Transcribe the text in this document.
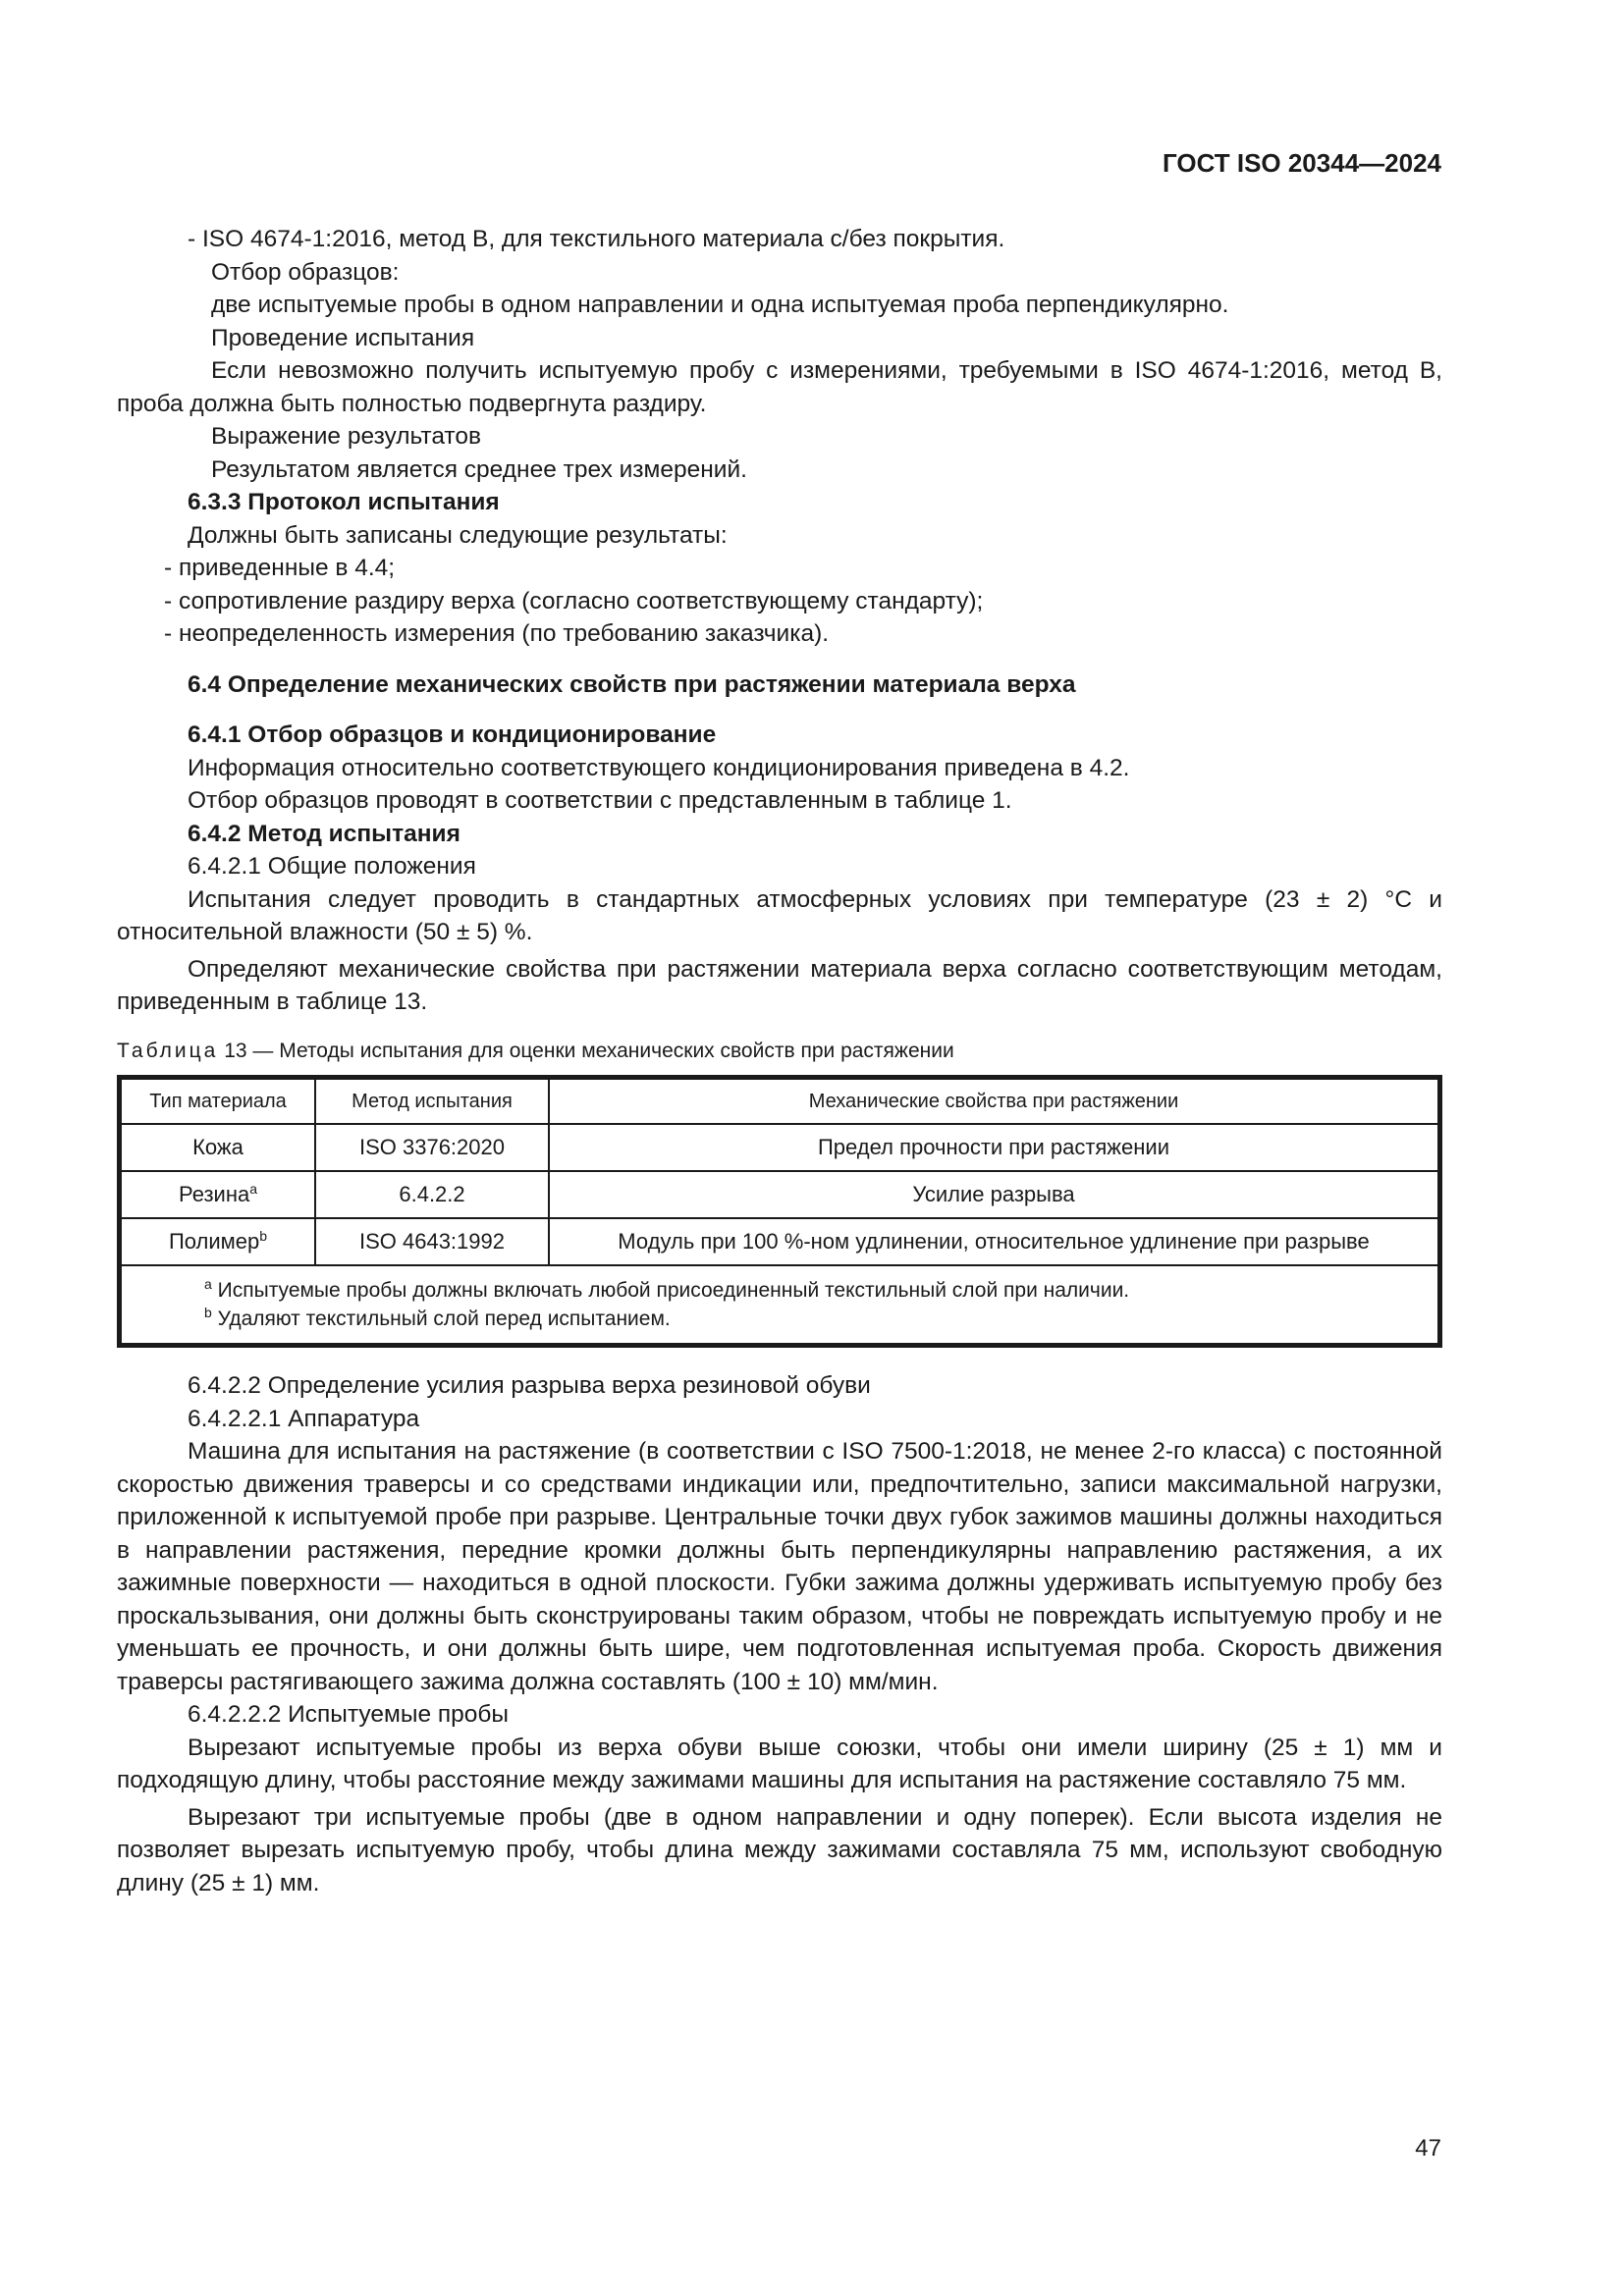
ГОСТ ISO 20344—2024

- ISO 4674-1:2016, метод B, для текстильного материала с/без покрытия.

Отбор образцов:

две испытуемые пробы в одном направлении и одна испытуемая проба перпендикулярно.

Проведение испытания

Если невозможно получить испытуемую пробу с измерениями, требуемыми в ISO 4674-1:2016, метод B, проба должна быть полностью подвергнута раздиру.

Выражение результатов

Результатом является среднее трех измерений.

6.3.3 Протокол испытания

Должны быть записаны следующие результаты:

- приведенные в 4.4;

- сопротивление раздиру верха (согласно соответствующему стандарту);

- неопределенность измерения (по требованию заказчика).

6.4 Определение механических свойств при растяжении материала верха

6.4.1 Отбор образцов и кондиционирование

Информация относительно соответствующего кондиционирования приведена в 4.2.

Отбор образцов проводят в соответствии с представленным в таблице 1.

6.4.2 Метод испытания

6.4.2.1 Общие положения

Испытания следует проводить в стандартных атмосферных условиях при температуре (23 ± 2) °С и относительной влажности (50 ± 5) %.

Определяют механические свойства при растяжении материала верха согласно соответствующим методам, приведенным в таблице 13.

Таблица 13 — Методы испытания для оценки механических свойств при растяжении
Тип материала	Метод испытания	Механические свойства при растяжении
Кожа	ISO 3376:2020	Предел прочности при растяжении
Резина$^a$	6.4.2.2	Усилие разрыва
Полимер$^b$	ISO 4643:1992	Модуль при 100 %-ном удлинении, относительное удлинение при разрыве

$^a$ Испытуемые пробы должны включать любой присоединенный текстильный слой при наличии.
$^b$ Удаляют текстильный слой перед испытанием.		

6.4.2.2 Определение усилия разрыва верха резиновой обуви

6.4.2.2.1 Аппаратура

Машина для испытания на растяжение (в соответствии с ISO 7500-1:2018, не менее 2-го класса) с постоянной скоростью движения траверсы и со средствами индикации или, предпочтительно, записи максимальной нагрузки, приложенной к испытуемой пробе при разрыве. Центральные точки двух губок зажимов машины должны находиться в направлении растяжения, передние кромки должны быть перпендикулярны направлению растяжения, а их зажимные поверхности — находиться в одной плоскости. Губки зажима должны удерживать испытуемую пробу без проскальзывания, они должны быть сконструированы таким образом, чтобы не повреждать испытуемую пробу и не уменьшать ее прочность, и они должны быть шире, чем подготовленная испытуемая проба. Скорость движения траверсы растягивающего зажима должна составлять (100 ± 10) мм/мин.

6.4.2.2.2 Испытуемые пробы

Вырезают испытуемые пробы из верха обуви выше союзки, чтобы они имели ширину (25 ± 1) мм и подходящую длину, чтобы расстояние между зажимами машины для испытания на растяжение составляло 75 мм.

Вырезают три испытуемые пробы (две в одном направлении и одну поперек). Если высота изделия не позволяет вырезать испытуемую пробу, чтобы длина между зажимами составляла 75 мм, используют свободную длину (25 ± 1) мм.

47
